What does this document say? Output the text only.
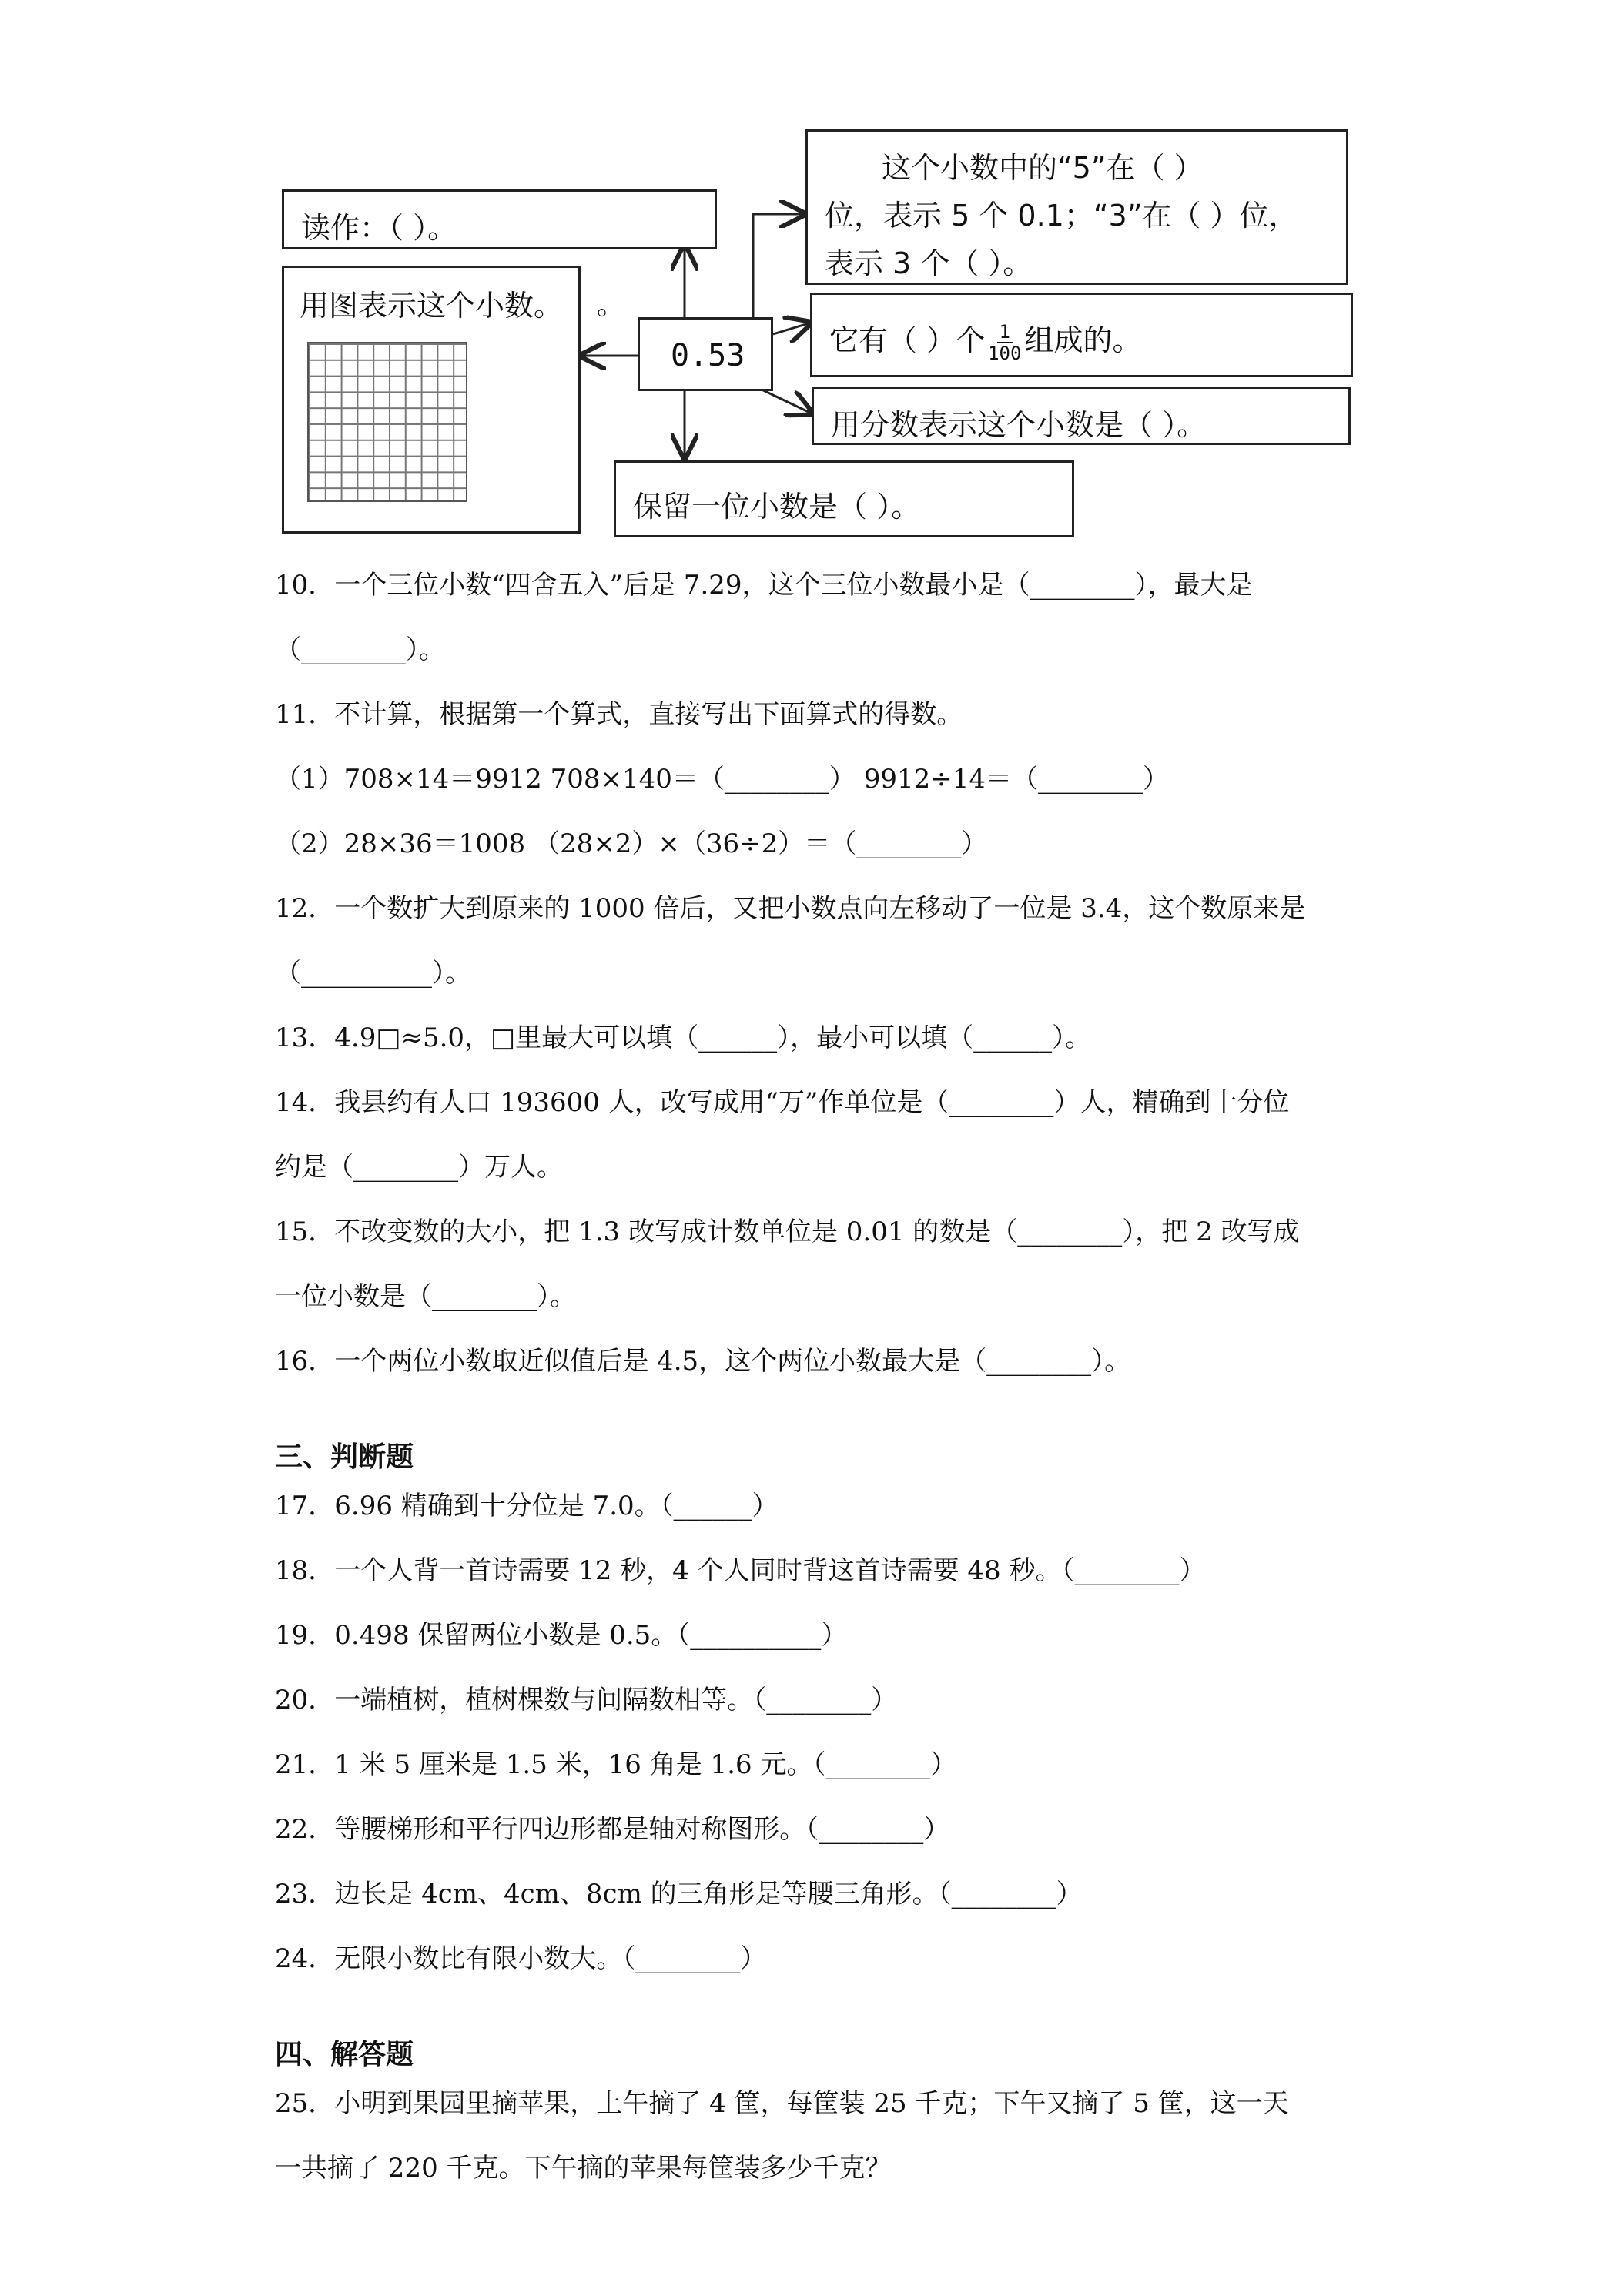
读作：（ ）。
用图表示这个小数。 。
0.53
这个小数中的“5”在（ ）
位，表示 5 个 0.1；“3”在（ ）位，
表示 3 个（ ）。
它有（ ）个 $\frac{1}{100}$ 组成的。
用分数表示这个小数是（ ）。
保留一位小数是（ ）。
10．一个三位小数“四舍五入”后是 7.29，这个三位小数最小是（________），最大是
（________）。
11．不计算，根据第一个算式，直接写出下面算式的得数。
（1）708×14＝9912 708×140＝（________） 9912÷14＝（________）
（2）28×36＝1008 （28×2）×（36÷2）＝（________）
12．一个数扩大到原来的 1000 倍后，又把小数点向左移动了一位是 3.4，这个数原来是
（__________）。
13．4.9□≈5.0，□里最大可以填（______），最小可以填（______）。
14．我县约有人口 193600 人，改写成用“万”作单位是（________）人，精确到十分位
约是（________）万人。
15．不改变数的大小，把 1.3 改写成计数单位是 0.01 的数是（________），把 2 改写成
一位小数是（________）。
16．一个两位小数取近似值后是 4.5，这个两位小数最大是（________）。
三、判断题
17．6.96 精确到十分位是 7.0。（______）
18．一个人背一首诗需要 12 秒，4 个人同时背这首诗需要 48 秒。（________）
19．0.498 保留两位小数是 0.5。（__________）
20．一端植树，植树棵数与间隔数相等。（________）
21．1 米 5 厘米是 1.5 米，16 角是 1.6 元。（________）
22．等腰梯形和平行四边形都是轴对称图形。（________）
23．边长是 4cm、4cm、8cm 的三角形是等腰三角形。（________）
24．无限小数比有限小数大。（________）
四、解答题
25．小明到果园里摘苹果，上午摘了 4 筐，每筐装 25 千克；下午又摘了 5 筐，这一天
一共摘了 220 千克。下午摘的苹果每筐装多少千克？
